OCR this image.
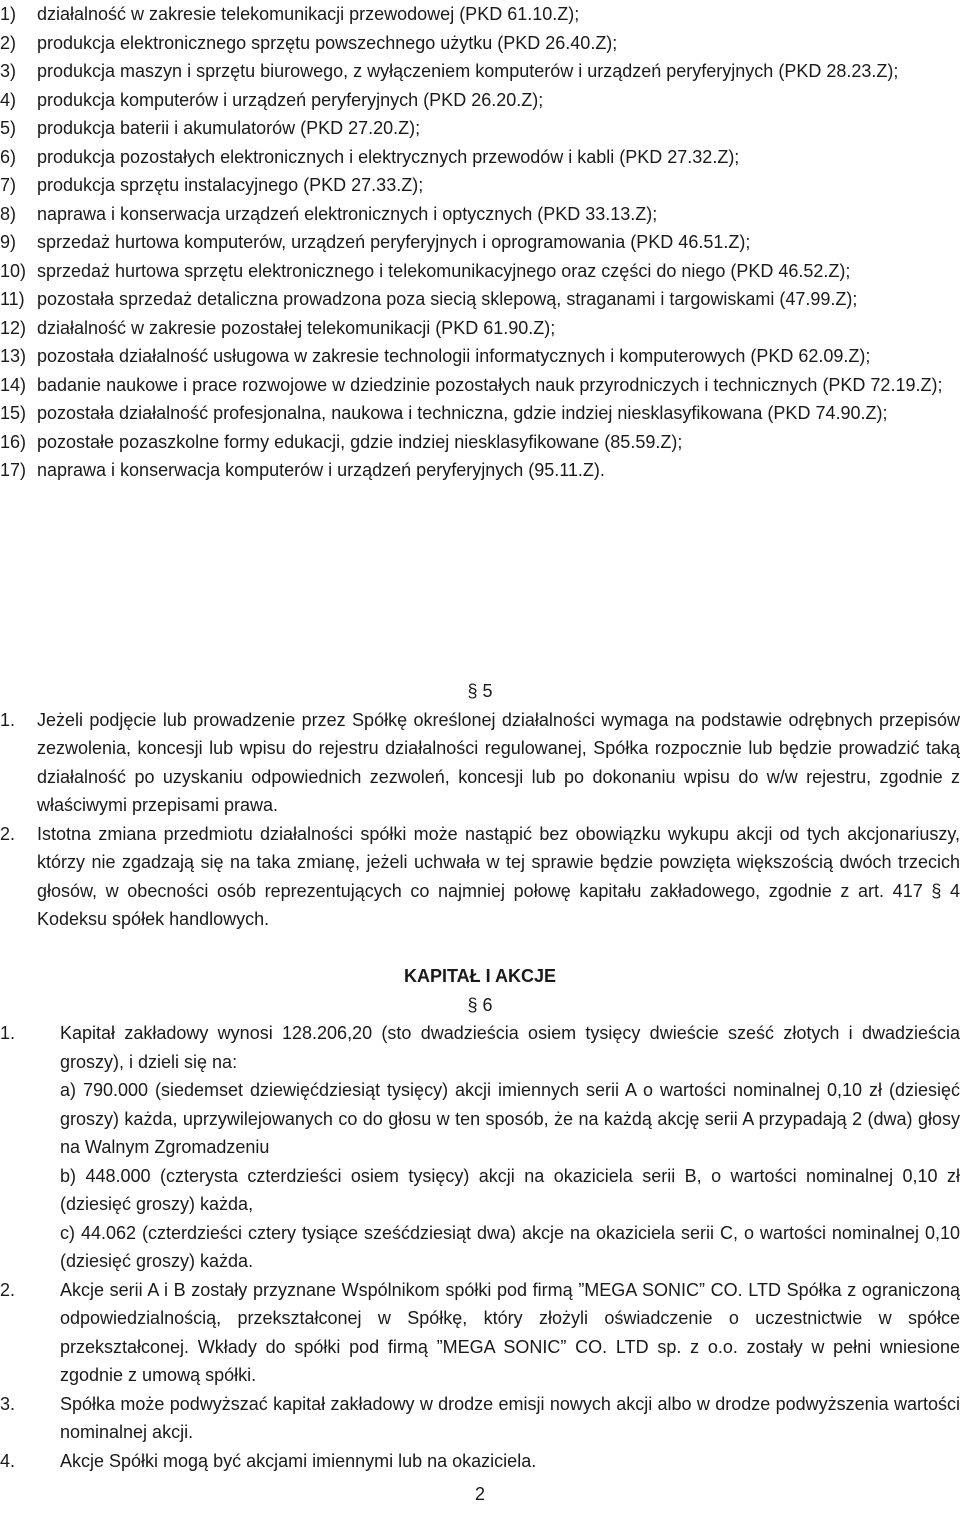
1) działalność w zakresie telekomunikacji przewodowej (PKD 61.10.Z);
2) produkcja elektronicznego sprzętu powszechnego użytku (PKD 26.40.Z);
3) produkcja maszyn i sprzętu biurowego, z wyłączeniem komputerów i urządzeń peryferyjnych (PKD 28.23.Z);
4) produkcja komputerów i urządzeń peryferyjnych (PKD 26.20.Z);
5) produkcja baterii i akumulatorów (PKD 27.20.Z);
6) produkcja pozostałych elektronicznych i elektrycznych przewodów i kabli (PKD 27.32.Z);
7) produkcja sprzętu instalacyjnego (PKD 27.33.Z);
8) naprawa i konserwacja urządzeń elektronicznych i optycznych (PKD 33.13.Z);
9) sprzedaż hurtowa komputerów, urządzeń peryferyjnych i oprogramowania (PKD 46.51.Z);
10) sprzedaż hurtowa sprzętu elektronicznego i telekomunikacyjnego oraz części do niego (PKD 46.52.Z);
11) pozostała sprzedaż detaliczna prowadzona poza siecią sklepową, straganami i targowiskami (47.99.Z);
12) działalność w zakresie pozostałej telekomunikacji (PKD 61.90.Z);
13) pozostała działalność usługowa w zakresie technologii informatycznych i komputerowych (PKD 62.09.Z);
14) badanie naukowe i prace rozwojowe w dziedzinie pozostałych nauk przyrodniczych i technicznych (PKD 72.19.Z);
15) pozostała działalność profesjonalna, naukowa i techniczna, gdzie indziej niesklasyfikowana (PKD 74.90.Z);
16) pozostałe pozaszkolne formy edukacji, gdzie indziej niesklasyfikowane (85.59.Z);
17) naprawa i konserwacja komputerów i urządzeń peryferyjnych (95.11.Z).
§ 5
1. Jeżeli podjęcie lub prowadzenie przez Spółkę określonej działalności wymaga na podstawie odrębnych przepisów zezwolenia, koncesji lub wpisu do rejestru działalności regulowanej, Spółka rozpocznie lub będzie prowadzić taką działalność po uzyskaniu odpowiednich zezwoleń, koncesji lub po dokonaniu wpisu do w/w rejestru, zgodnie z właściwymi przepisami prawa.
2. Istotna zmiana przedmiotu działalności spółki może nastąpić bez obowiązku wykupu akcji od tych akcjonariuszy, którzy nie zgadzają się na taka zmianę, jeżeli uchwała w tej sprawie będzie powzięta większością dwóch trzecich głosów, w obecności osób reprezentujących co najmniej połowę kapitału zakładowego, zgodnie z art. 417 § 4 Kodeksu spółek handlowych.
KAPITAŁ I AKCJE
§ 6
1. Kapitał zakładowy wynosi 128.206,20 (sto dwadzieścia osiem tysięcy dwieście sześć złotych i dwadzieścia groszy), i dzieli się na:
a) 790.000 (siedemset dziewięćdziesiąt tysięcy) akcji imiennych serii A o wartości nominalnej 0,10 zł (dziesięć groszy) każda, uprzywilejowanych co do głosu w ten sposób, że na każdą akcję serii A przypadają 2 (dwa) głosy na Walnym Zgromadzeniu
b) 448.000 (czterysta czterdzieści osiem tysięcy) akcji na okaziciela serii B, o wartości nominalnej 0,10 zł (dziesięć groszy) każda,
c) 44.062 (czterdzieści cztery tysiące sześćdziesiąt dwa) akcje na okaziciela serii C, o wartości nominalnej 0,10 (dziesięć groszy) każda.
2. Akcje serii A i B zostały przyznane Wspólnikom spółki pod firmą ”MEGA SONIC” CO. LTD Spółka z ograniczoną odpowiedzialnością, przekształconej w Spółkę, który złożyli oświadczenie o uczestnictwie w spółce przekształconej. Wkłady do spółki pod firmą ”MEGA SONIC” CO. LTD sp. z o.o. zostały w pełni wniesione zgodnie z umową spółki.
3. Spółka może podwyższać kapitał zakładowy w drodze emisji nowych akcji albo w drodze podwyższenia wartości nominalnej akcji.
4. Akcje Spółki mogą być akcjami imiennymi lub na okaziciela.
2
